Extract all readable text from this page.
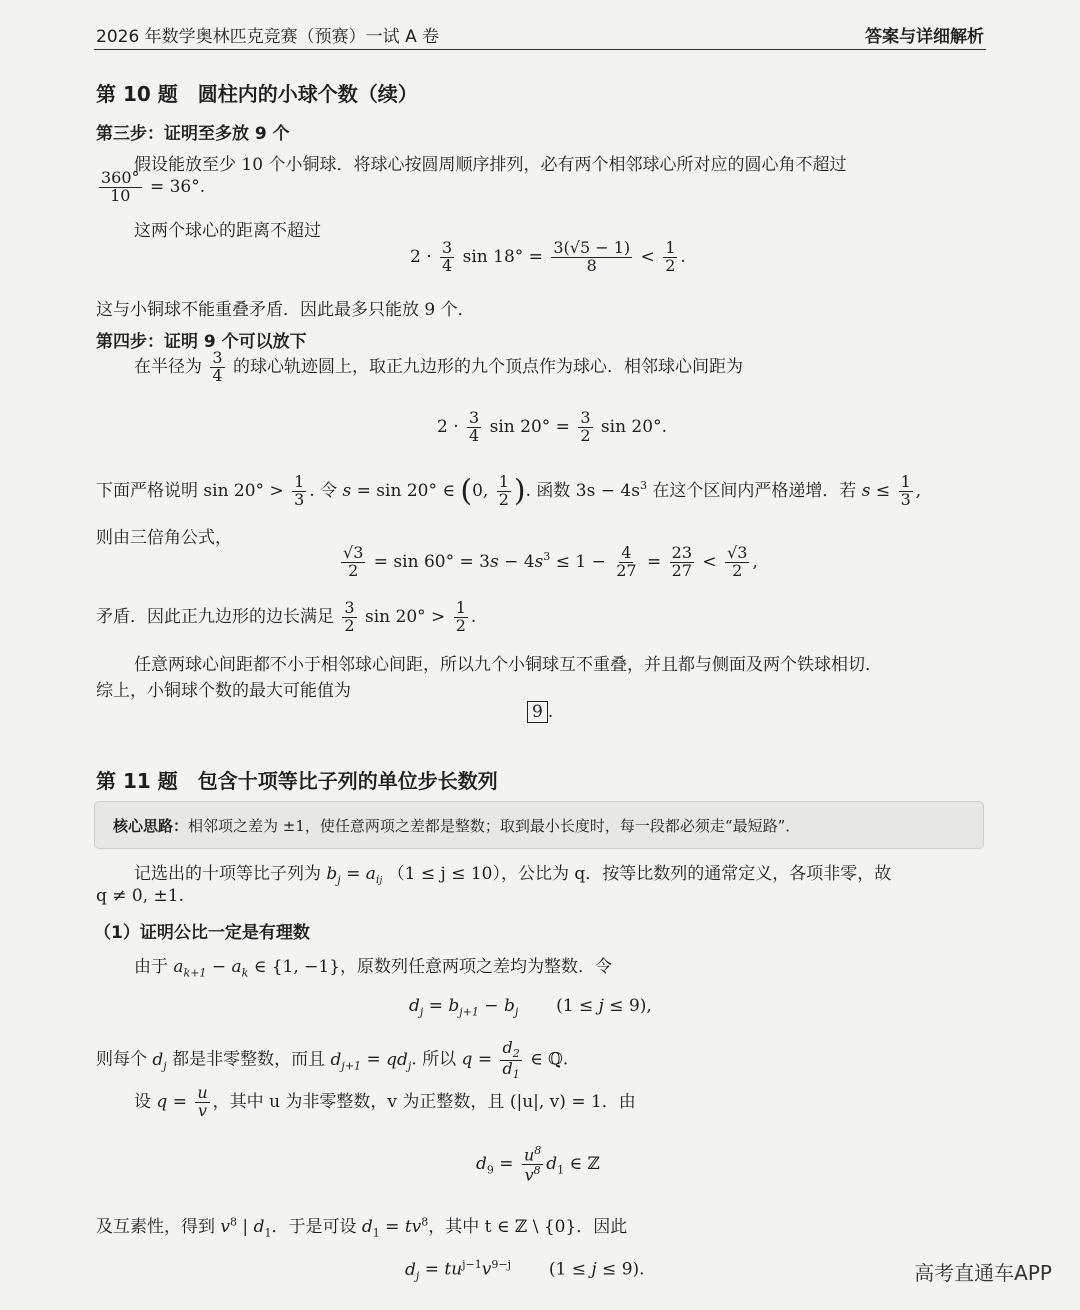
2026 年数学奥林匹克竞赛（预赛）一试 A 卷	答案与详细解析
第 10 题　圆柱内的小球个数（续）
第三步：证明至多放 9 个
假设能放至少 10 个小铜球．将球心按圆周顺序排列，必有两个相邻球心所对应的圆心角不超过
$\frac{360^\circ}{10} = 36^\circ$.
这两个球心的距离不超过
$2 \cdot \frac{3}{4}$ $\sin 18^\circ = \frac{3(√5 - 1)}{8} < \frac{1}{2}$ .
这与小铜球不能重叠矛盾．因此最多只能放 9 个．
第四步：证明 9 个可以放下
在半径为 $\frac{3}{4}$ 的球心轨迹圆上，取正九边形的九个顶点作为球心．相邻球心间距为
$2 \cdot \frac{3}{4}$ $\sin 20^\circ = \frac{3}{2}$ sin 20°.
下面严格说明 $\sin 20^\circ > \frac{1}{3}$ . 令 s = sin 20° ∈ (0, $\frac{1}{2}$ ). 函数 $3s - 4s^3$ 在这个区间内严格递增．若 $s \le \frac{1}{3}$ ,
则由三倍角公式，
$\frac{√3}{2} = \sin 60^\circ = 3s - 4s^3 \le 1 - \frac{4}{27} = \frac{23}{27} < \frac{√3}{2}$ ,
矛盾．因此正九边形的边长满足 $\frac{3}{2}$ $\sin 20^\circ > \frac{1}{2}$ .
任意两球心间距都不小于相邻球心间距，所以九个小铜球互不重叠，并且都与侧面及两个铁球相切．
综上，小铜球个数的最大可能值为
9 .
第 11 题　包含十项等比子列的单位步长数列
核心思路：相邻项之差为 ±1，使任意两项之差都是整数；取到最小长度时，每一段都必须走“最短路”．
记选出的十项等比子列为 $b_j = a_{ij}$ （1 ≤ j ≤ 10），公比为 q．按等比数列的通常定义，各项非零，故
q ≠ 0, ±1.
（1）证明公比一定是有理数
由于 $a_{k+1} - a_k$ ∈ {1, −1}，原数列任意两项之差均为整数．令
$d_j = b_{j+1} - b_j$       (1 ≤ j ≤ 9),
则每个 $d_j$ 都是非零整数，而且 $d_{j+1} = qd_j$. 所以 $q = \frac{d_2}{d_1}$ ∈ ℚ.
设 $q = \frac{u}{v}$ ，其中 u 为非零整数，v 为正整数，且 (|u|, v) = 1．由
$d_9 = \frac{u^8}{v^8} d_1$ ∈ ℤ
及互素性，得到 $v^8$ | $d_1$．于是可设 $d_1 = tv^8$，其中 t ∈ ℤ \ {0}．因此
$d_j = tu^{j-1}v^{9-j}$       (1 ≤ j ≤ 9).	高考直通车APP
